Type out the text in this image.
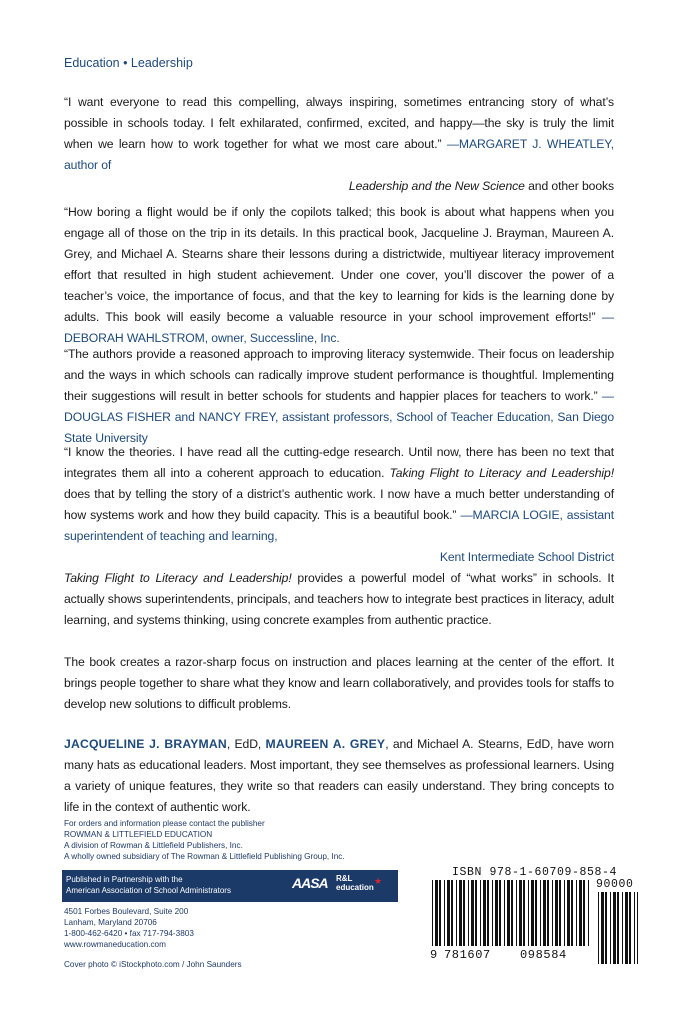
Education • Leadership
“I want everyone to read this compelling, always inspiring, sometimes entrancing story of what’s possible in schools today. I felt exhilarated, confirmed, excited, and happy—the sky is truly the limit when we learn how to work together for what we most care about.” —MARGARET J. WHEATLEY, author of
Leadership and the New Science and other books
“How boring a flight would be if only the copilots talked; this book is about what happens when you engage all of those on the trip in its details. In this practical book, Jacqueline J. Brayman, Maureen A. Grey, and Michael A. Stearns share their lessons during a districtwide, multiyear literacy improvement effort that resulted in high student achievement. Under one cover, you’ll discover the power of a teacher’s voice, the importance of focus, and that the key to learning for kids is the learning done by adults. This book will easily become a valuable resource in your school improvement efforts!” —DEBORAH WAHLSTROM, owner, Successline, Inc.
“The authors provide a reasoned approach to improving literacy systemwide. Their focus on leadership and the ways in which schools can radically improve student performance is thoughtful. Implementing their suggestions will result in better schools for students and happier places for teachers to work.” —DOUGLAS FISHER and NANCY FREY, assistant professors, School of Teacher Education, San Diego State University
“I know the theories. I have read all the cutting-edge research. Until now, there has been no text that integrates them all into a coherent approach to education. Taking Flight to Literacy and Leadership! does that by telling the story of a district’s authentic work. I now have a much better understanding of how systems work and how they build capacity. This is a beautiful book.” —MARCIA LOGIE, assistant superintendent of teaching and learning,
Kent Intermediate School District
Taking Flight to Literacy and Leadership! provides a powerful model of “what works” in schools. It actually shows superintendents, principals, and teachers how to integrate best practices in literacy, adult learning, and systems thinking, using concrete examples from authentic practice.
The book creates a razor-sharp focus on instruction and places learning at the center of the effort. It brings people together to share what they know and learn collaboratively, and provides tools for staffs to develop new solutions to difficult problems.
JACQUELINE J. BRAYMAN, EdD, MAUREEN A. GREY, and Michael A. Stearns, EdD, have worn many hats as educational leaders. Most important, they see themselves as professional learners. Using a variety of unique features, they write so that readers can easily understand. They bring concepts to life in the context of authentic work.
For orders and information please contact the publisher
ROWMAN & LITTLEFIELD EDUCATION
A division of Rowman & Littlefield Publishers, Inc.
A wholly owned subsidiary of The Rowman & Littlefield Publishing Group, Inc.
Published in Partnership with the
American Association of School Administrators	AASA R&L
education
★
4501 Forbes Boulevard, Suite 200
Lanham, Maryland 20706
1-800-462-6420 • fax 717-794-3803
www.rowmaneducation.com
Cover photo © iStockphoto.com / John Saunders
ISBN 978-1-60709-858-4
9 781607 098584
90000
